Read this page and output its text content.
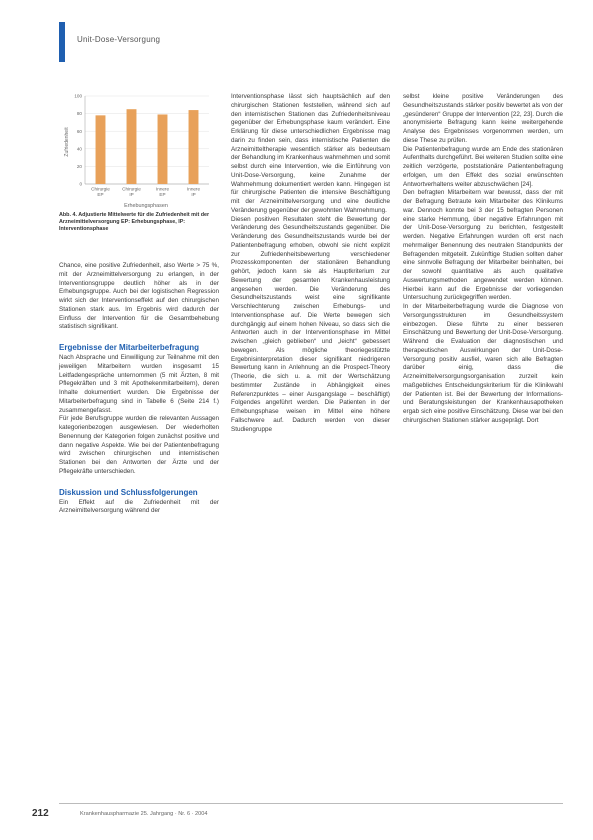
Unit-Dose-Versorgung
Zufriedenheit
Erhebungsphasen
100
80
60
40
20
0
Chirurgie
EP
Chirurgie
IP
Innere
EP
Innere
IP
Abb. 4. Adjustierte Mittelwerte für die Zufriedenheit mit der Arzneimittelversorgung EP: Erhebungsphase, IP: Interventionsphase

Chance, eine positive Zufriedenheit, also Werte > 75 %, mit der Arzneimittelversorgung zu erlangen, in der Interventionsgruppe deutlich höher als in der Erhebungsgruppe. Auch bei der logistischen Regression wirkt sich der Interventionseffekt auf den chirurgischen Stationen stark aus. Im Ergebnis wird dadurch der Einfluss der Intervention für die Gesamtbehebung statistisch signifikant.

Ergebnisse der Mitarbeiterbefragung

Nach Absprache und Einwilligung zur Teilnahme mit den jeweiligen Mitarbeitern wurden insgesamt 15 Leitfadengespräche unternommen (5 mit Ärzten, 8 mit Pflegekräften und 3 mit Apothekenmitarbeitern), deren Inhalte dokumentiert wurden. Die Ergebnisse der Mitarbeiterbefragung sind in Tabelle 6 (Seite 214 f.) zusammengefasst.

Für jede Berufsgruppe wurden die relevanten Aussagen kategorienbezogen ausgewiesen. Der wiederholten Benennung der Kategorien folgen zunächst positive und dann negative Aspekte. Wie bei der Patientenbefragung wird zwischen chirurgischen und internistischen Stationen bei den Antworten der Ärzte und der Pflegekräfte unterschieden.

Diskussion und Schlussfolgerungen

Ein Effekt auf die Zufriedenheit mit der Arzneimittelversorgung während der

Interventionsphase lässt sich hauptsächlich auf den chirurgischen Stationen feststellen, während sich auf den internistischen Stationen das Zufriedenheitsniveau gegenüber der Erhebungsphase kaum verändert. Eine Erklärung für diese unterschiedlichen Ergebnisse mag darin zu finden sein, dass internistische Patienten die Arzneimitteltherapie wesentlich stärker als bedeutsam der Behandlung im Krankenhaus wahrnehmen und somit selbst durch eine Intervention, wie die Einführung von Unit-Dose-Versorgung, keine Zunahme der Wahrnehmung dokumentiert werden kann. Hingegen ist für chirurgische Patienten die intensive Beschäftigung mit der Arzneimittelversorgung und eine deutliche Veränderung gegenüber der gewohnten Wahrnehmung.

Diesen positiven Resultaten steht die Bewertung der Veränderung des Gesundheitszustands gegenüber. Die Veränderung des Gesundheitszustands wurde bei der Patientenbefragung erhoben, obwohl sie nicht explizit zur Zufriedenheitsbewertung verschiedener Prozesskomponenten der stationären Behandlung gehört, jedoch kann sie als Hauptkriterium zur Bewertung der gesamten Krankenhausleistung angesehen werden. Die Veränderung des Gesundheitszustands weist eine signifikante Verschlechterung zwischen Erhebungs- und Interventionsphase auf. Die Werte bewegen sich durchgängig auf einem hohen Niveau, so dass sich die Antworten auch in der Interventionsphase im Mittel zwischen „gleich geblieben“ und „leicht“ gebessert bewegen. Als mögliche theoriegestützte Ergebnisinterpretation dieser signifikant niedrigeren Bewertung kann in Anlehnung an die Prospect-Theory (Theorie, die sich u. a. mit der Wertschätzung bestimmter Zustände in Abhängigkeit eines Referenzpunktes – einer Ausgangslage – beschäftigt) Folgendes angeführt werden. Die Patienten in der Erhebungsphase weisen im Mittel eine höhere Fallschwere auf. Dadurch werden von dieser Studiengruppe

selbst kleine positive Veränderungen des Gesundheitszustands stärker positiv bewertet als von der „gesünderen“ Gruppe der Intervention [22, 23]. Durch die anonymisierte Befragung kann keine weitergehende Analyse des Ergebnisses vorgenommen werden, um diese These zu prüfen.

Die Patientenbefragung wurde am Ende des stationären Aufenthalts durchgeführt. Bei weiteren Studien sollte eine zeitlich verzögerte, poststationäre Patientenbefragung erfolgen, um den Effekt des sozial erwünschten Antwortverhaltens weiter abzuschwächen [24].

Den befragten Mitarbeitern war bewusst, dass der mit der Befragung Betraute kein Mitarbeiter des Klinikums war. Dennoch konnte bei 3 der 15 befragten Personen eine starke Hemmung, über negative Erfahrungen mit der Unit-Dose-Versorgung zu berichten, festgestellt werden. Negative Erfahrungen wurden oft erst nach mehrmaliger Benennung des neutralen Standpunkts der Befragenden mitgeteilt. Zukünftige Studien sollten daher eine sinnvolle Befragung der Mitarbeiter beinhalten, bei der sowohl quantitative als auch qualitative Auswertungsmethoden angewendet werden können. Hierbei kann auf die Ergebnisse der vorliegenden Untersuchung zurückgegriffen werden.

In der Mitarbeiterbefragung wurde die Diagnose von Versorgungsstrukturen im Gesundheitssystem einbezogen. Diese führte zu einer besseren Einschätzung und Bewertung der Unit-Dose-Versorgung. Während die Evaluation der diagnostischen und therapeutischen Auswirkungen der Unit-Dose-Versorgung positiv ausfiel, waren sich alle Befragten darüber einig, dass die Arzneimittelversorgungsorganisation zurzeit kein maßgebliches Entscheidungskriterium für die Klinikwahl der Patienten ist. Bei der Bewertung der Informations- und Beratungsleistungen der Krankenhausapotheken ergab sich eine positive Einschätzung. Diese war bei den chirurgischen Stationen stärker ausgeprägt. Dort

212	Krankenhauspharmazie 25. Jahrgang · Nr. 6 · 2004
